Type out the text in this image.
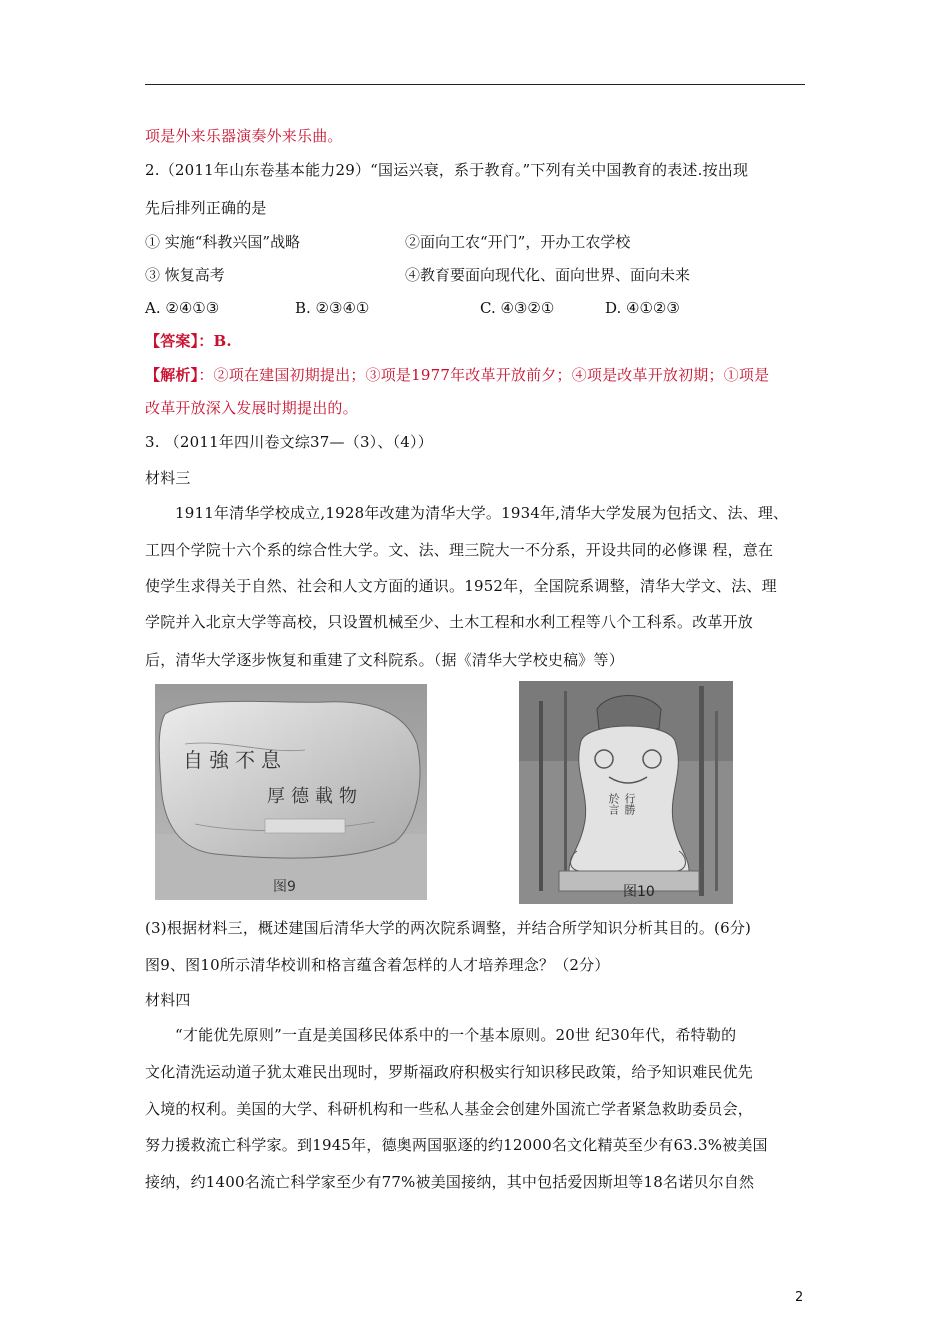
项是外来乐器演奏外来乐曲。
2.（2011年山东卷基本能力29）“国运兴衰，系于教育。”下列有关中国教育的表述.按出现
先后排列正确的是
① 实施“科教兴国”战略	②面向工农“开门”，开办工农学校
③ 恢复高考	④教育要面向现代化、面向世界、面向未来
A. ②④①③	B. ②③④①	C. ④③②①	D. ④①②③
【答案】：B.
【解析】：②项在建国初期提出；③项是1977年改革开放前夕；④项是改革开放初期；①项是
改革开放深入发展时期提出的。
3. （2011年四川卷文综37—（3）、（4））
材料三
1911年清华学校成立,1928年改建为清华大学。1934年,清华大学发展为包括文、法、理、
工四个学院十六个系的综合性大学。文、法、理三院大一不分系，开设共同的必修课 程，意在
使学生求得关于自然、社会和人文方面的通识。1952年，全国院系调整，清华大学文、法、理
学院并入北京大学等高校，只设置机械至少、土木工程和水利工程等八个工科系。改革开放
后，清华大学逐步恢复和重建了文科院系。（据《清华大学校史稿》等）
自強不息
厚德載物
图9
行勝
於言
图10
(3)根据材料三，概述建国后清华大学的两次院系调整，并结合所学知识分析其目的。(6分)
图9、图10所示清华校训和格言蕴含着怎样的人才培养理念？（2分）
材料四
“才能优先原则”一直是美国移民体系中的一个基本原则。20世 纪30年代，希特勒的
文化清洗运动道子犹太难民出现时，罗斯福政府积极实行知识移民政策，给予知识难民优先
入境的权利。美国的大学、科研机构和一些私人基金会创建外国流亡学者紧急救助委员会，
努力援救流亡科学家。到1945年，德奥两国驱逐的约12000名文化精英至少有63.3%被美国
接纳，约1400名流亡科学家至少有77%被美国接纳，其中包括爱因斯坦等18名诺贝尔自然
2
